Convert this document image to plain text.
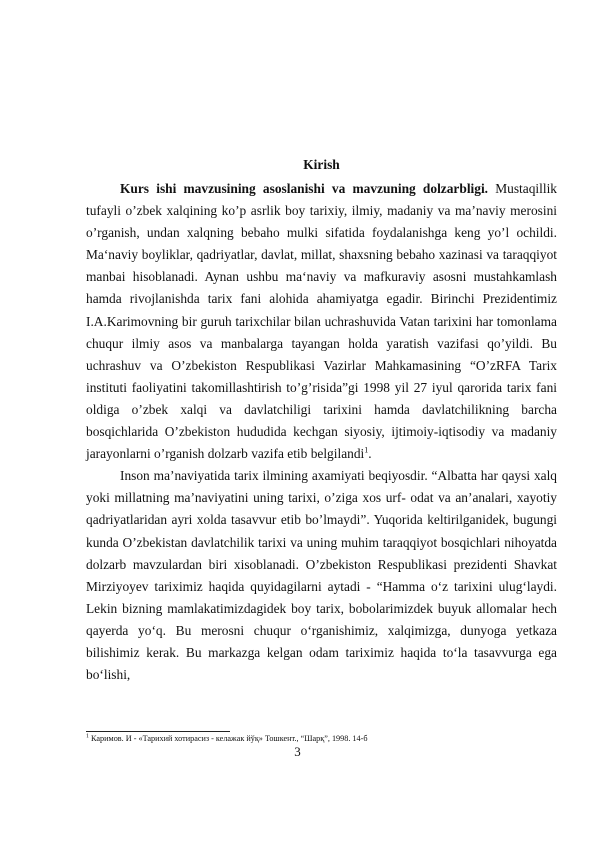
Kirish

Kurs ishi mavzusining asoslanishi va mavzuning dolzarbligi. Mustaqillik tufayli o’zbek xalqining ko’p asrlik boy tarixiy, ilmiy, madaniy va ma’naviy merosini o’rganish, undan xalqning bebaho mulki sifatida foydalanishga keng yo’l ochildi. Ma‘naviy boyliklar, qadriyatlar, davlat, millat, shaxsning bebaho xazinasi va taraqqiyot manbai hisoblanadi. Aynan ushbu ma‘naviy va mafkuraviy asosni mustahkamlash hamda rivojlanishda tarix fani alohida ahamiyatga egadir. Birinchi Prezidentimiz I.A.Karimovning bir guruh tarixchilar bilan uchrashuvida Vatan tarixini har tomonlama chuqur ilmiy asos va manbalarga tayangan holda yaratish vazifasi qo’yildi. Bu uchrashuv va O’zbekiston Respublikasi Vazirlar Mahkamasining “O’zRFA Tarix instituti faoliyatini takomillashtirish to’g’risida”gi 1998 yil 27 iyul qarorida tarix fani oldiga o’zbek xalqi va davlatchiligi tarixini hamda davlatchilikning barcha bosqichlarida O’zbekiston hududida kechgan siyosiy, ijtimoiy-iqtisodiy va madaniy jarayonlarni o’rganish dolzarb vazifa etib belgilandi$^1$.

Inson ma’naviyatida tarix ilmining axamiyati beqiyosdir. “Albatta har qaysi xalq yoki millatning ma’naviyatini uning tarixi, o’ziga xos urf- odat va an’analari, xayotiy qadriyatlaridan ayri xolda tasavvur etib bo’lmaydi”. Yuqorida keltirilganidek, bugungi kunda O’zbekistan davlatchilik tarixi va uning muhim taraqqiyot bosqichlari nihoyatda dolzarb mavzulardan biri xisoblanadi. O’zbekiston Respublikasi prezidenti Shavkat Mirziyoyev tariximiz haqida quyidagilarni aytadi - “Hamma o‘z tarixini ulug‘laydi. Lekin bizning mamlakatimizdagidek boy tarix, bobolarimizdek buyuk allomalar hech qayerda yo‘q. Bu merosni chuqur o‘rganishimiz, xalqimizga, dunyoga yetkaza bilishimiz kerak. Bu markazga kelgan odam tariximiz haqida to‘la tasavvurga ega bo‘lishi,

$^1$ Каримов. И - «Тарихий хотирасиз - келажак йўқ» Тошкент., “Шарқ”, 1998. 14-б
3
